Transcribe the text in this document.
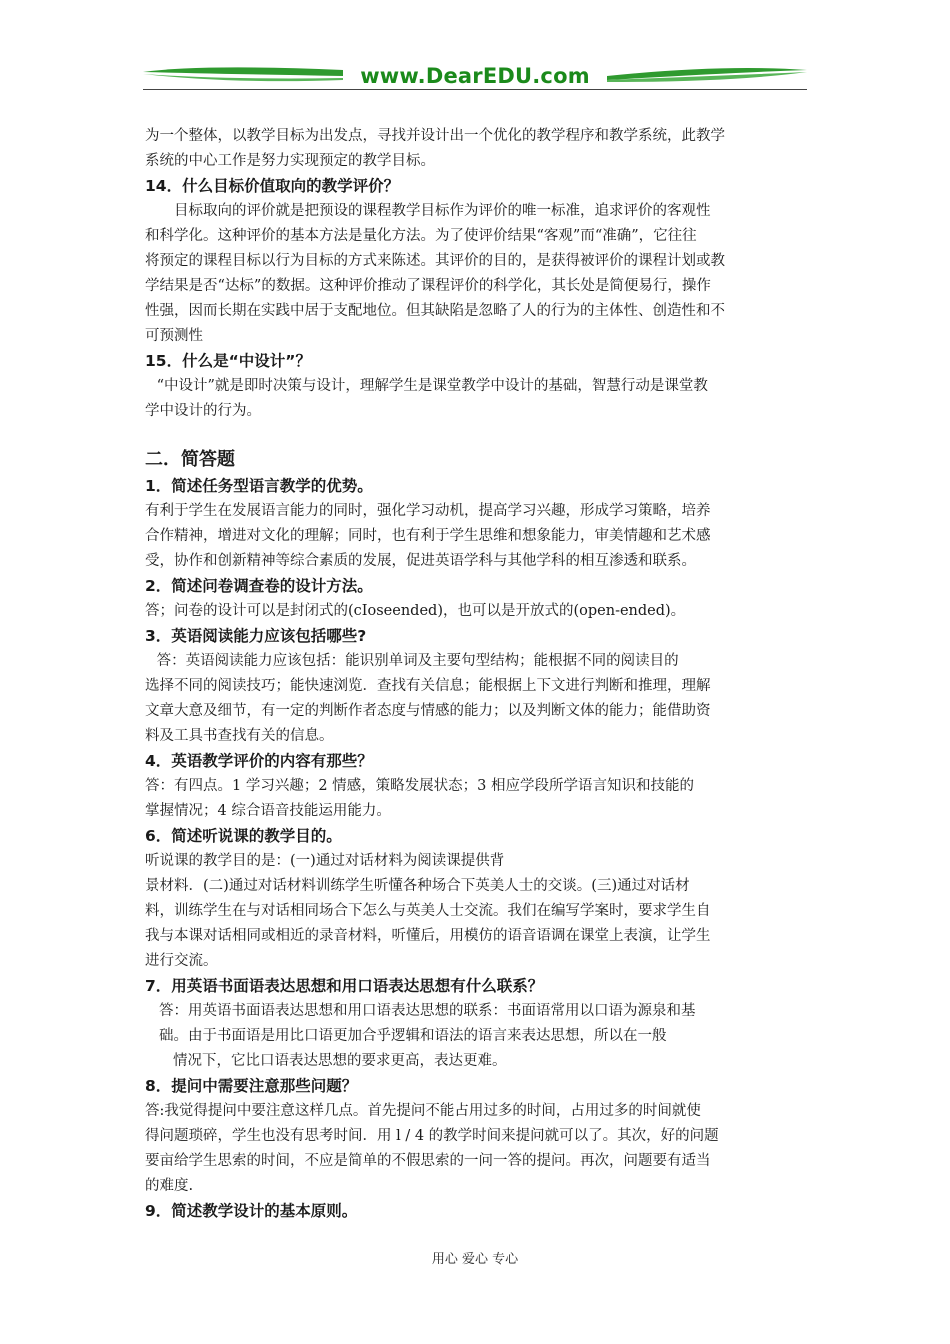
www.DearEDU.com

为一个整体，以教学目标为出发点，寻找并设计出一个优化的教学程序和教学系统，此教学

系统的中心工作是努力实现预定的教学目标。

14．什么目标价值取向的教学评价？

目标取向的评价就是把预设的课程教学目标作为评价的唯一标准，追求评价的客观性

和科学化。这种评价的基本方法是量化方法。为了使评价结果“客观”而“准确”，它往往

将预定的课程目标以行为目标的方式来陈述。其评价的目的，是获得被评价的课程计划或教

学结果是否“达标”的数据。这种评价推动了课程评价的科学化，其长处是简便易行，操作

性强，因而长期在实践中居于支配地位。但其缺陷是忽略了人的行为的主体性、创造性和不

可预测性

15．什么是“中设计”？

“中设计”就是即时决策与设计，理解学生是课堂教学中设计的基础，智慧行动是课堂教

学中设计的行为。

二．简答题

1．简述任务型语言教学的优势。

有利于学生在发展语言能力的同时，强化学习动机，提高学习兴趣，形成学习策略，培养

合作精神，增进对文化的理解；同时，也有利于学生思维和想象能力，审美情趣和艺术感

受，协作和创新精神等综合素质的发展，促进英语学科与其他学科的相互渗透和联系。

2．简述问卷调查卷的设计方法。

答；问卷的设计可以是封闭式的(cIoseended)，也可以是开放式的(open-ended)。

3．英语阅读能力应该包括哪些?

答：英语阅读能力应该包括：能识别单词及主要句型结构；能根据不同的阅读目的

选择不同的阅读技巧；能快速浏览．查找有关信息；能根据上下文进行判断和推理，理解

文章大意及细节，有一定的判断作者态度与情感的能力；以及判断文体的能力；能借助资

料及工具书查找有关的信息。

4．英语教学评价的内容有那些？

答：有四点。1 学习兴趣；2 情感，策略发展状态；3 相应学段所学语言知识和技能的

掌握情况；4 综合语音技能运用能力。

6．简述听说课的教学目的。

听说课的教学目的是：(一)通过对话材料为阅读课提供背

景材料．(二)通过对话材料训练学生听懂各种场合下英美人士的交谈。(三)通过对话材

料，训练学生在与对话相同场合下怎么与英美人士交流。我们在编写学案时，要求学生自

我与本课对话相同或相近的录音材料，听懂后，用模仿的语音语调在课堂上表演，让学生

进行交流。

7．用英语书面语表达思想和用口语表达思想有什么联系？

答：用英语书面语表达思想和用口语表达思想的联系：书面语常用以口语为源泉和基

础。由于书面语是用比口语更加合乎逻辑和语法的语言来表达思想，所以在一般

情况下，它比口语表达思想的要求更高，表达更难。

8．提问中需要注意那些问题？

答:我觉得提问中要注意这样几点。首先提问不能占用过多的时间，占用过多的时间就使

得问题琐碎，学生也没有思考时间．用 l / 4 的教学时间来提问就可以了。其次，好的问题

要亩给学生思索的时间，不应是简单的不假思索的一问一答的提问。再次，问题要有适当

的难度.

9．简述教学设计的基本原则。

用心 爱心 专心
